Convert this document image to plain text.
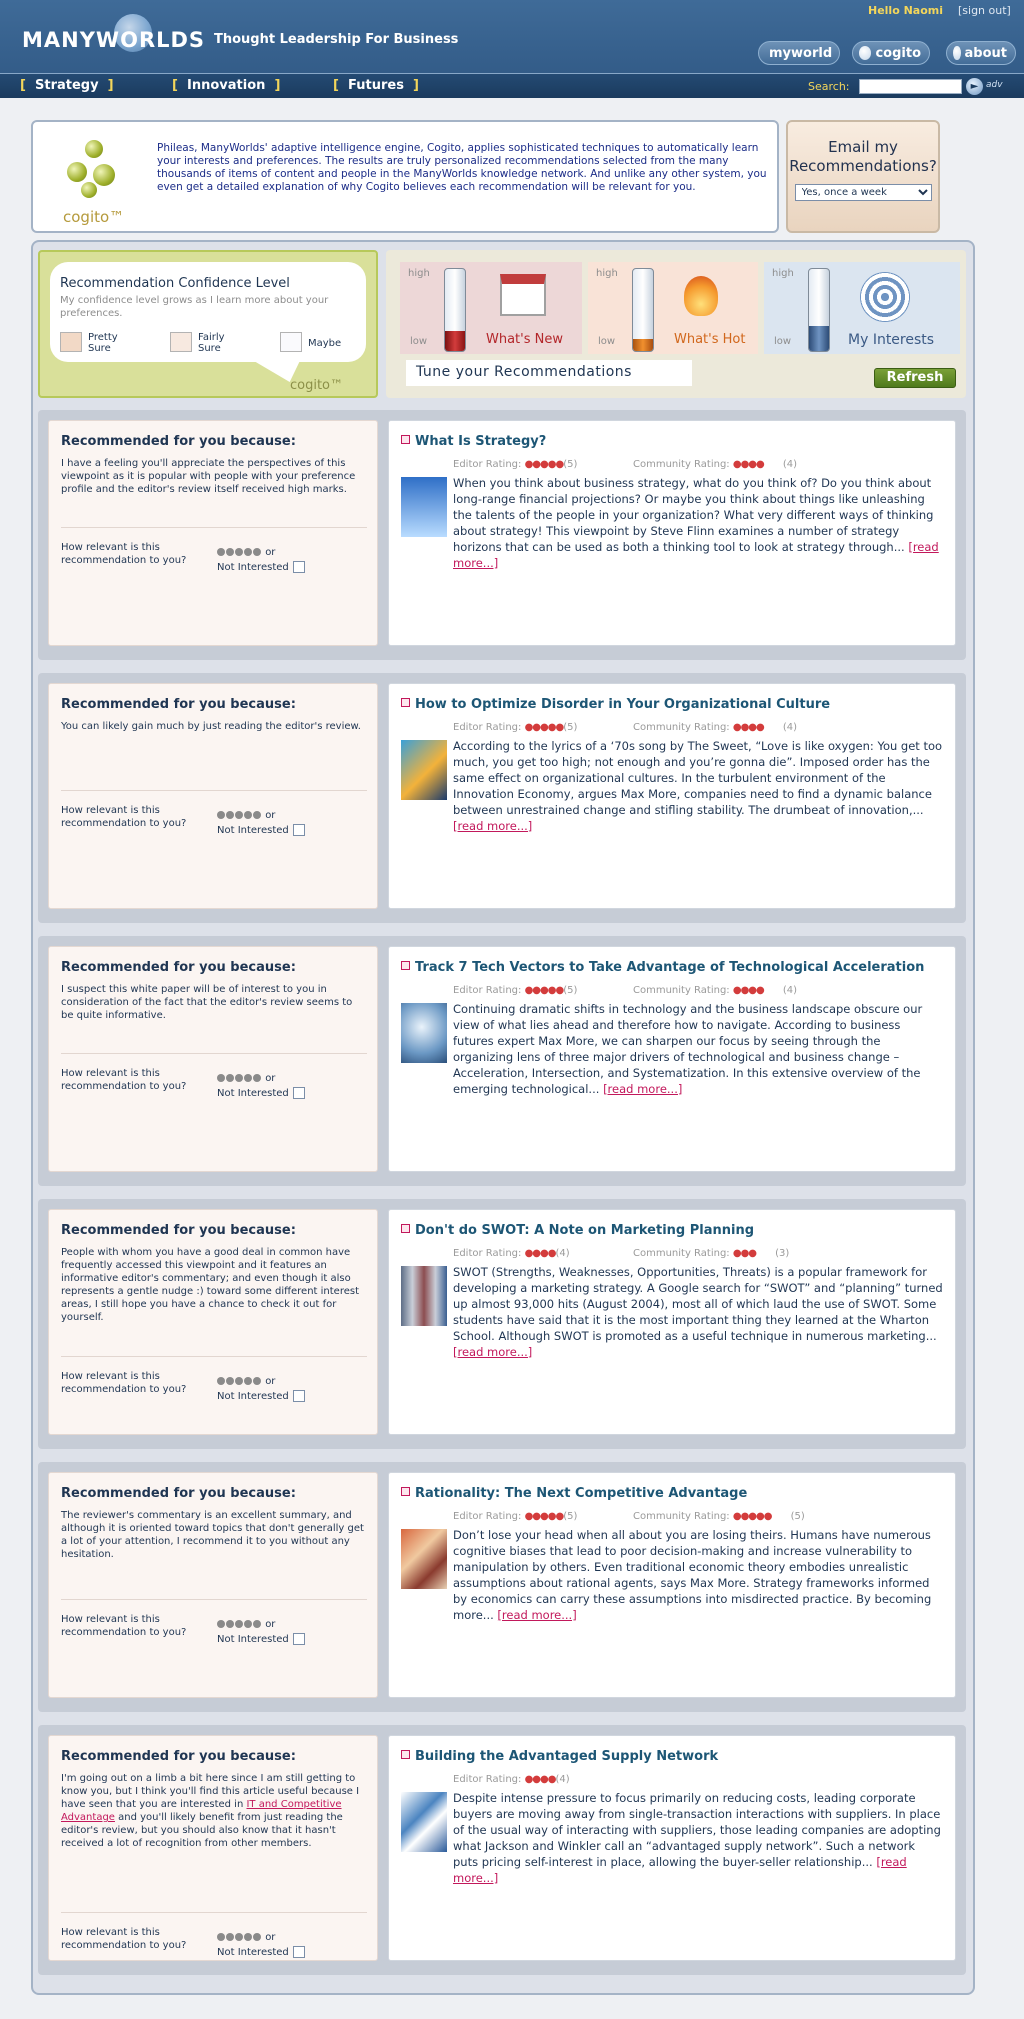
MANYWORLDS Thought Leadership For Business
Hello Naomi [sign out]
myworld	cogito	about
[ Strategy ]	[ Innovation ]	[ Futures ]	Search:	► adv
cogito™
Phileas, ManyWorlds' adaptive intelligence engine, Cogito, applies sophisticated techniques to automatically learn your interests and preferences. The results are truly personalized recommendations selected from the many thousands of items of content and people in the ManyWorlds knowledge network. And unlike any other system, you even get a detailed explanation of why Cogito believes each recommendation will be relevant for you.
Email my Recommendations?
Yes, once a week
Recommendation Confidence Level
My confidence level grows as I learn more about your preferences.
Pretty Sure
Fairly Sure	Maybe
cogito™
high
low	What's New
high
low	What's Hot
high
low	My Interests
Tune your Recommendations	Refresh
Recommended for you because:
I have a feeling you'll appreciate the perspectives of this viewpoint as it is popular with people with your preference profile and the editor's review itself received high marks.
How relevant is this recommendation to you?
or
Not Interested
What Is Strategy?
Editor Rating: ●●●●●(5)	Community Rating: ●●●● (4)
When you think about business strategy, what do you think of? Do you think about long-range financial projections? Or maybe you think about things like unleashing the talents of the people in your organization? What very different ways of thinking about strategy! This viewpoint by Steve Flinn examines a number of strategy horizons that can be used as both a thinking tool to look at strategy through... [read more...]
Recommended for you because:
You can likely gain much by just reading the editor's review.
How relevant is this recommendation to you?
or
Not Interested
How to Optimize Disorder in Your Organizational Culture
Editor Rating: ●●●●●(5)	Community Rating: ●●●● (4)
According to the lyrics of a ‘70s song by The Sweet, “Love is like oxygen: You get too much, you get too high; not enough and you’re gonna die”. Imposed order has the same effect on organizational cultures. In the turbulent environment of the Innovation Economy, argues Max More, companies need to find a dynamic balance between unrestrained change and stifling stability. The drumbeat of innovation,... [read more...]
Recommended for you because:
I suspect this white paper will be of interest to you in consideration of the fact that the editor's review seems to be quite informative.
How relevant is this recommendation to you?
or
Not Interested
Track 7 Tech Vectors to Take Advantage of Technological Acceleration
Editor Rating: ●●●●●(5)	Community Rating: ●●●● (4)
Continuing dramatic shifts in technology and the business landscape obscure our view of what lies ahead and therefore how to navigate. According to business futures expert Max More, we can sharpen our focus by seeing through the organizing lens of three major drivers of technological and business change – Acceleration, Intersection, and Systematization. In this extensive overview of the emerging technological... [read more...]
Recommended for you because:
People with whom you have a good deal in common have frequently accessed this viewpoint and it features an informative editor's commentary; and even though it also represents a gentle nudge :) toward some different interest areas, I still hope you have a chance to check it out for yourself.
How relevant is this recommendation to you?
or
Not Interested
Don't do SWOT: A Note on Marketing Planning
Editor Rating: ●●●●(4)	Community Rating: ●●● (3)
SWOT (Strengths, Weaknesses, Opportunities, Threats) is a popular framework for developing a marketing strategy. A Google search for “SWOT” and “planning” turned up almost 93,000 hits (August 2004), most all of which laud the use of SWOT. Some students have said that it is the most important thing they learned at the Wharton School. Although SWOT is promoted as a useful technique in numerous marketing... [read more...]
Recommended for you because:
The reviewer's commentary is an excellent summary, and although it is oriented toward topics that don't generally get a lot of your attention, I recommend it to you without any hesitation.
How relevant is this recommendation to you?
or
Not Interested
Rationality: The Next Competitive Advantage
Editor Rating: ●●●●●(5)	Community Rating: ●●●●● (5)
Don’t lose your head when all about you are losing theirs. Humans have numerous cognitive biases that lead to poor decision-making and increase vulnerability to manipulation by others. Even traditional economic theory embodies unrealistic assumptions about rational agents, says Max More. Strategy frameworks informed by economics can carry these assumptions into misdirected practice. By becoming more... [read more...]
Recommended for you because:
I'm going out on a limb a bit here since I am still getting to know you, but I think you'll find this article useful because I have seen that you are interested in IT and Competitive Advantage and you'll likely benefit from just reading the editor's review, but you should also know that it hasn't received a lot of recognition from other members.
How relevant is this recommendation to you?
or
Not Interested
Building the Advantaged Supply Network
Editor Rating: ●●●●(4)
Despite intense pressure to focus primarily on reducing costs, leading corporate buyers are moving away from single-transaction interactions with suppliers. In place of the usual way of interacting with suppliers, those leading companies are adopting what Jackson and Winkler call an “advantaged supply network”. Such a network puts pricing self-interest in place, allowing the buyer-seller relationship... [read more...]
